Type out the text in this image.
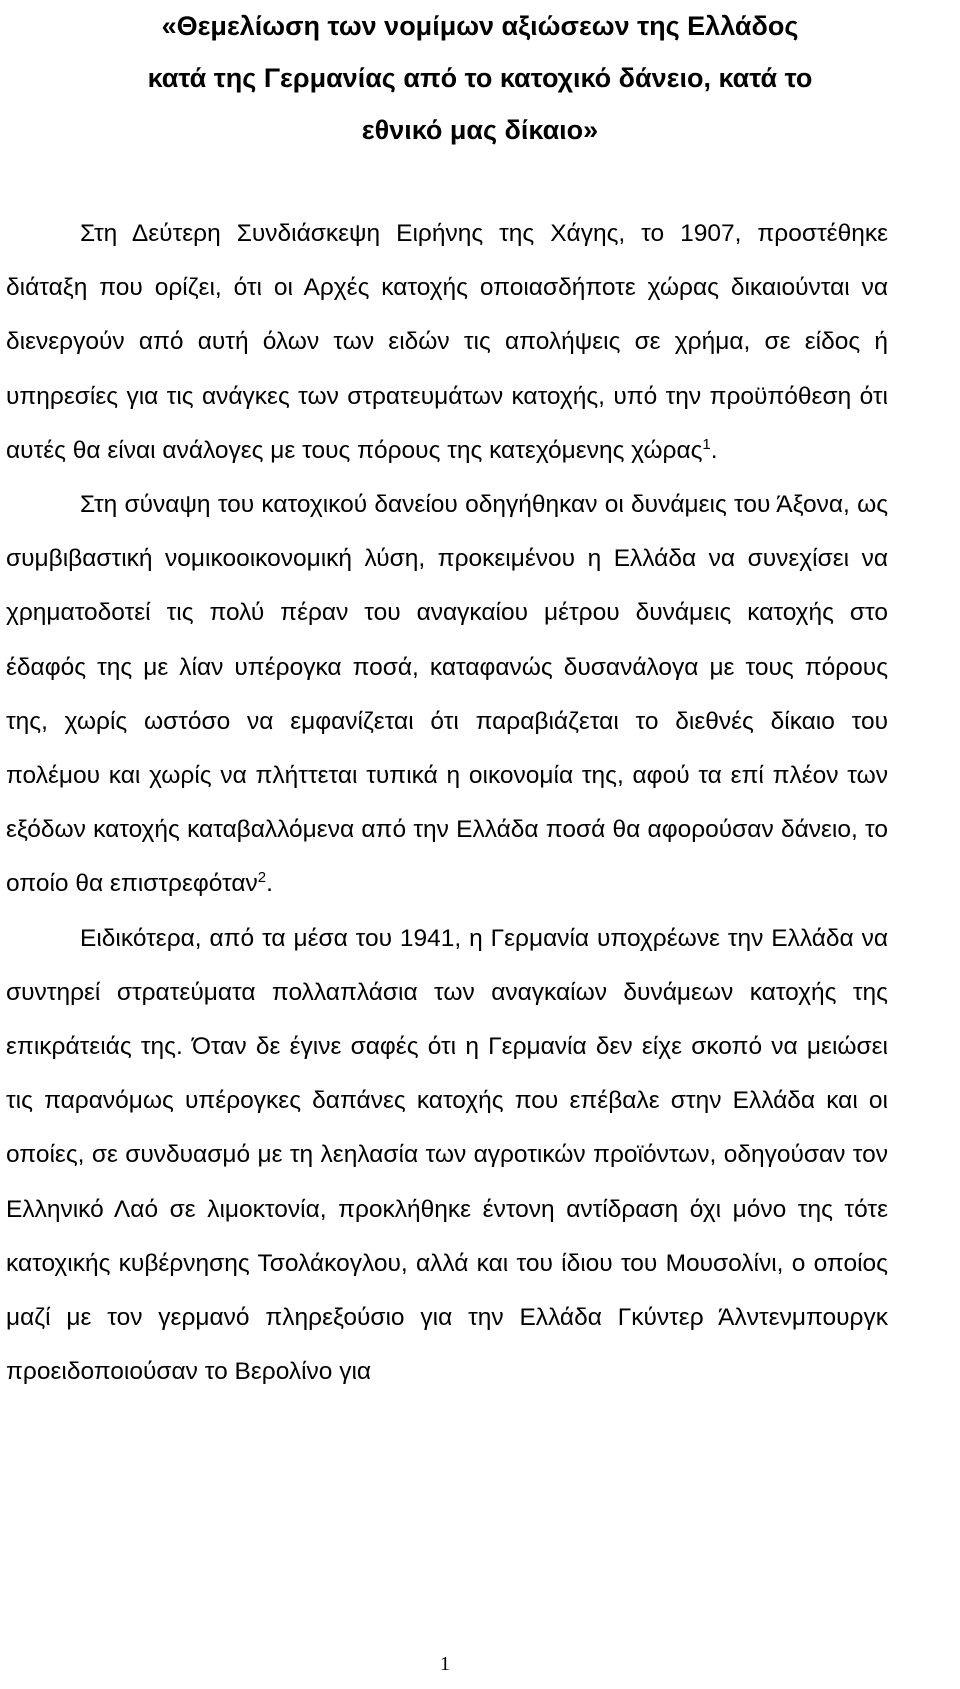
«Θεμελίωση των νομίμων αξιώσεων της Ελλάδος
κατά της Γερμανίας από το κατοχικό δάνειο, κατά το
εθνικό μας δίκαιο»

Στη Δεύτερη Συνδιάσκεψη Ειρήνης της Χάγης, το 1907, προστέθηκε διάταξη που ορίζει, ότι οι Αρχές κατοχής οποιασδήποτε χώρας δικαιούνται να διενεργούν από αυτή όλων των ειδών τις απολήψεις σε χρήμα, σε είδος ή υπηρεσίες για τις ανάγκες των στρατευμάτων κατοχής, υπό την προϋπόθεση ότι αυτές θα είναι ανάλογες με τους πόρους της κατεχόμενης χώρας$^1$.

Στη σύναψη του κατοχικού δανείου οδηγήθηκαν οι δυνάμεις του Άξονα, ως συμβιβαστική νομικοοικονομική λύση, προκειμένου η Ελλάδα να συνεχίσει να χρηματοδοτεί τις πολύ πέραν του αναγκαίου μέτρου δυνάμεις κατοχής στο έδαφός της με λίαν υπέρογκα ποσά, καταφανώς δυσανάλογα με τους πόρους της, χωρίς ωστόσο να εμφανίζεται ότι παραβιάζεται το διεθνές δίκαιο του πολέμου και χωρίς να πλήττεται τυπικά η οικονομία της, αφού τα επί πλέον των εξόδων κατοχής καταβαλλόμενα από την Ελλάδα ποσά θα αφορούσαν δάνειο, το οποίο θα επιστρεφόταν$^2$.

Ειδικότερα, από τα μέσα του 1941, η Γερμανία υποχρέωνε την Ελλάδα να συντηρεί στρατεύματα πολλαπλάσια των αναγκαίων δυνάμεων κατοχής της επικράτειάς της. Όταν δε έγινε σαφές ότι η Γερμανία δεν είχε σκοπό να μειώσει τις παρανόμως υπέρογκες δαπάνες κατοχής που επέβαλε στην Ελλάδα και οι οποίες, σε συνδυασμό με τη λεηλασία των αγροτικών προϊόντων, οδηγούσαν τον Ελληνικό Λαό σε λιμοκτονία, προκλήθηκε έντονη αντίδραση όχι μόνο της τότε κατοχικής κυβέρνησης Τσολάκογλου, αλλά και του ίδιου του Μουσολίνι, ο οποίος μαζί με τον γερμανό πληρεξούσιο για την Ελλάδα Γκύντερ Άλντενμπουργκ προειδοποιούσαν το Βερολίνο για

1
